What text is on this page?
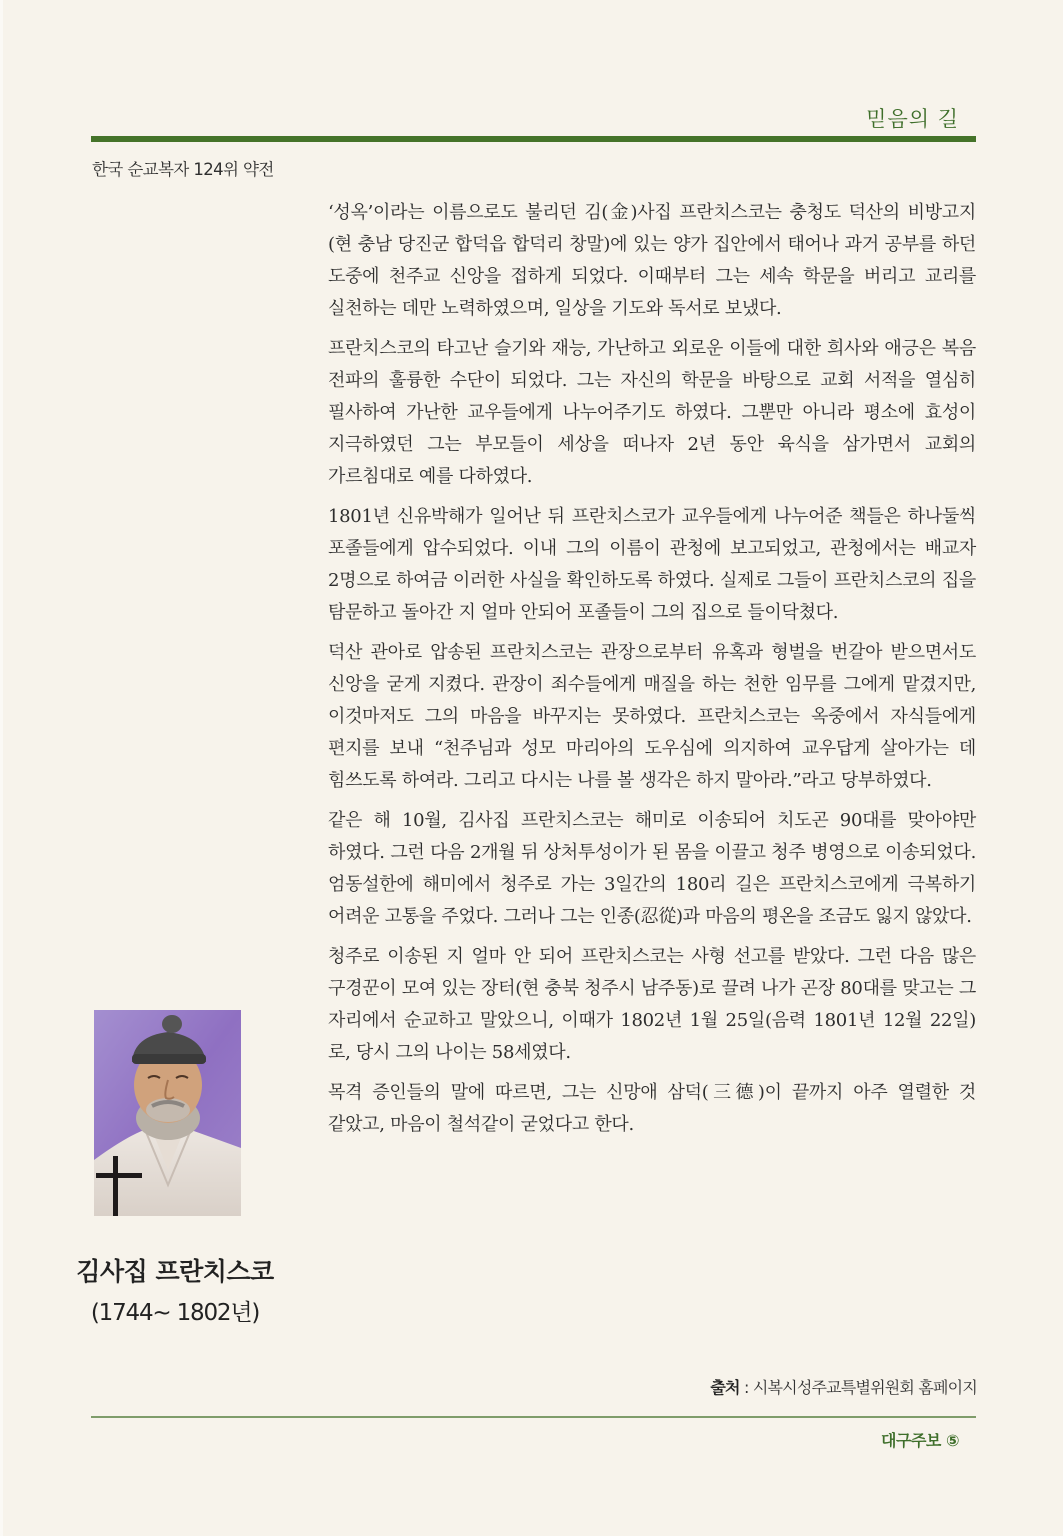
믿음의 길
한국 순교복자 124위 약전

‘성옥’이라는 이름으로도 불리던 김(金)사집 프란치스코는 충청도 덕산의 비방고지(현 충남 당진군 합덕읍 합덕리 창말)에 있는 양가 집안에서 태어나 과거 공부를 하던 도중에 천주교 신앙을 접하게 되었다. 이때부터 그는 세속 학문을 버리고 교리를 실천하는 데만 노력하였으며, 일상을 기도와 독서로 보냈다.

프란치스코의 타고난 슬기와 재능, 가난하고 외로운 이들에 대한 희사와 애긍은 복음 전파의 훌륭한 수단이 되었다. 그는 자신의 학문을 바탕으로 교회 서적을 열심히 필사하여 가난한 교우들에게 나누어주기도 하였다. 그뿐만 아니라 평소에 효성이 지극하였던 그는 부모들이 세상을 떠나자 2년 동안 육식을 삼가면서 교회의 가르침대로 예를 다하였다.

1801년 신유박해가 일어난 뒤 프란치스코가 교우들에게 나누어준 책들은 하나둘씩 포졸들에게 압수되었다. 이내 그의 이름이 관청에 보고되었고, 관청에서는 배교자 2명으로 하여금 이러한 사실을 확인하도록 하였다. 실제로 그들이 프란치스코의 집을 탐문하고 돌아간 지 얼마 안되어 포졸들이 그의 집으로 들이닥쳤다.

덕산 관아로 압송된 프란치스코는 관장으로부터 유혹과 형벌을 번갈아 받으면서도 신앙을 굳게 지켰다. 관장이 죄수들에게 매질을 하는 천한 임무를 그에게 맡겼지만, 이것마저도 그의 마음을 바꾸지는 못하였다. 프란치스코는 옥중에서 자식들에게 편지를 보내 “천주님과 성모 마리아의 도우심에 의지하여 교우답게 살아가는 데 힘쓰도록 하여라. 그리고 다시는 나를 볼 생각은 하지 말아라.”라고 당부하였다.

같은 해 10월, 김사집 프란치스코는 해미로 이송되어 치도곤 90대를 맞아야만 하였다. 그런 다음 2개월 뒤 상처투성이가 된 몸을 이끌고 청주 병영으로 이송되었다. 엄동설한에 해미에서 청주로 가는 3일간의 180리 길은 프란치스코에게 극복하기 어려운 고통을 주었다. 그러나 그는 인종(忍從)과 마음의 평온을 조금도 잃지 않았다.

청주로 이송된 지 얼마 안 되어 프란치스코는 사형 선고를 받았다. 그런 다음 많은 구경꾼이 모여 있는 장터(현 충북 청주시 남주동)로 끌려 나가 곤장 80대를 맞고는 그 자리에서 순교하고 말았으니, 이때가 1802년 1월 25일(음력 1801년 12월 22일)로, 당시 그의 나이는 58세였다.

목격 증인들의 말에 따르면, 그는 신망애 삼덕(三德)이 끝까지 아주 열렬한 것 같았고, 마음이 철석같이 굳었다고 한다.

출처 : 시복시성주교특별위원회 홈페이지
김사집 프란치스코
(1744~ 1802년)
대구주보 ⑤
